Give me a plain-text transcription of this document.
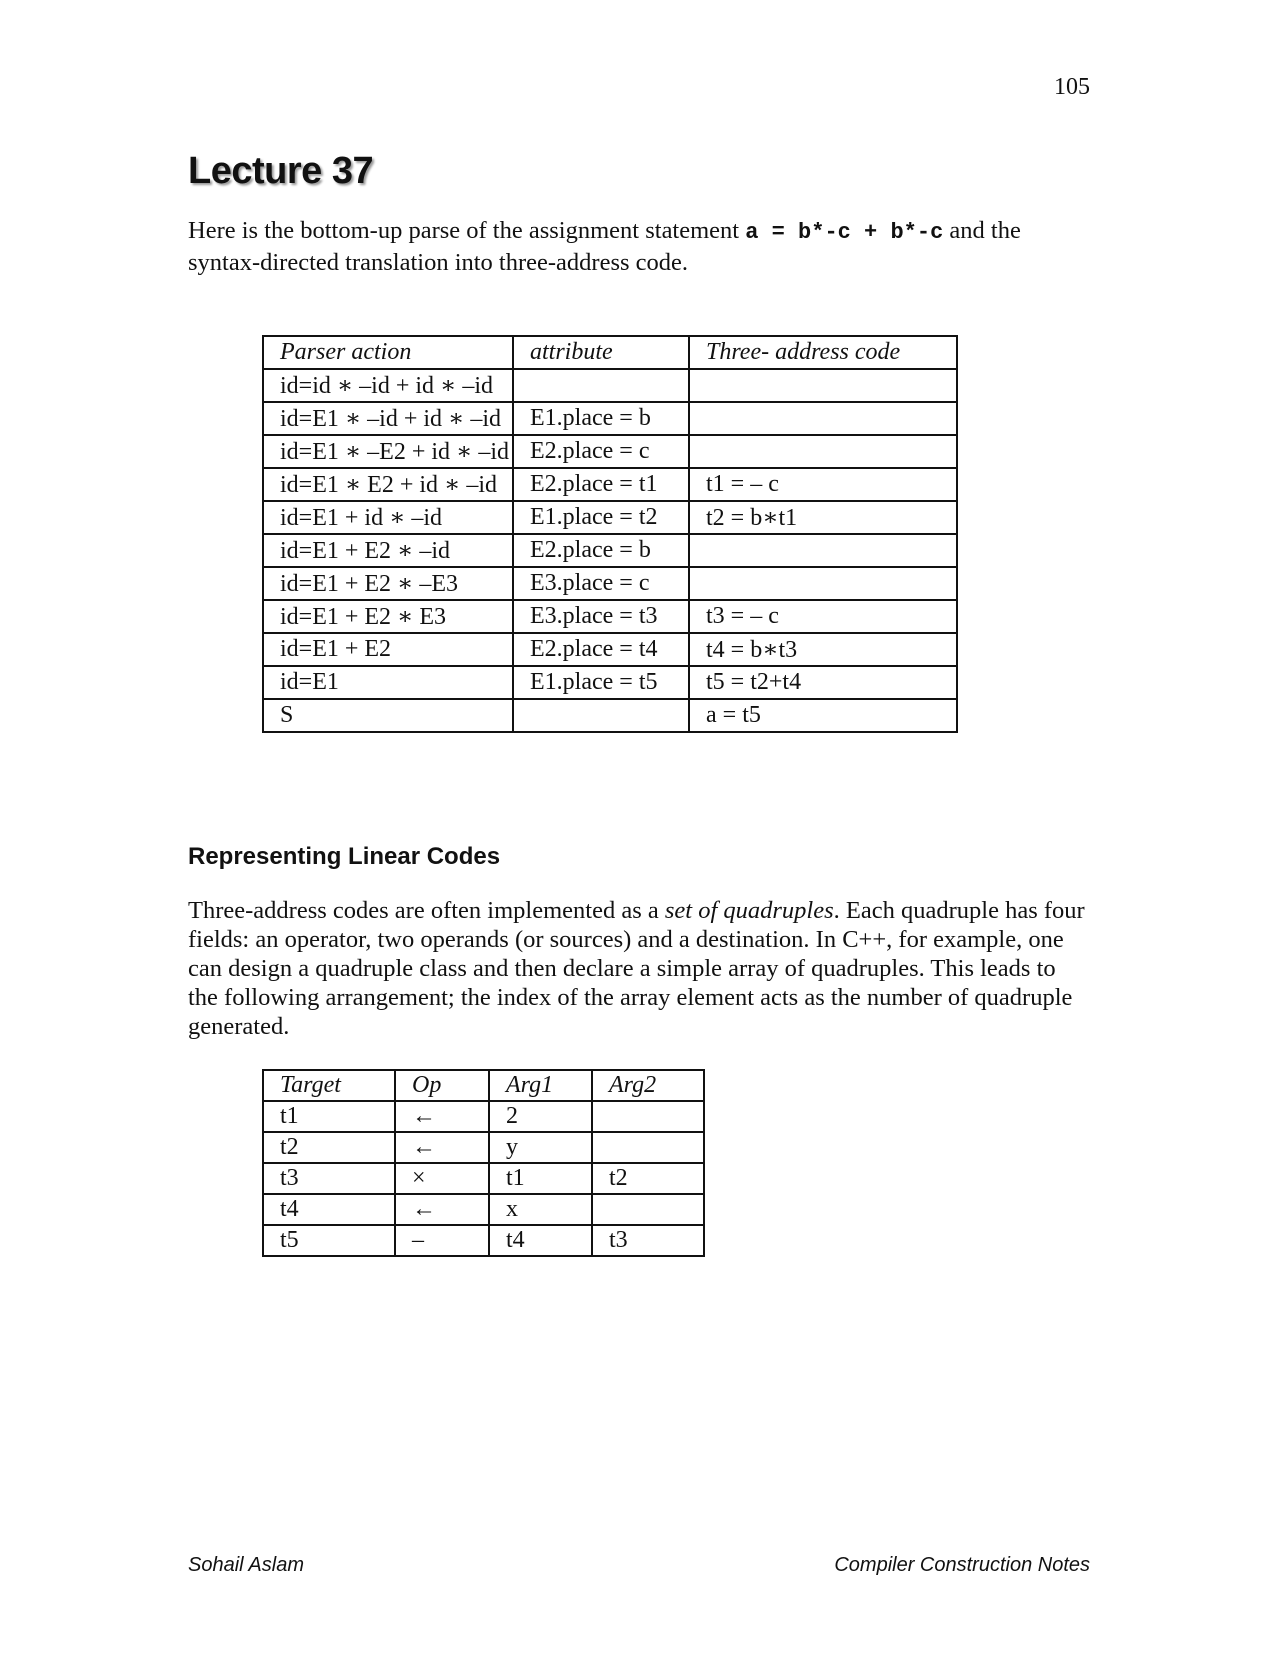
105
Lecture 37

Here is the bottom-up parse of the assignment statement a = b*-c + b*-c and the syntax-directed translation into three-address code.

Parser action	attribute	Three- address code
id=id ∗ –id + id ∗ –id		
id=E1 ∗ –id + id ∗ –id	E1.place = b	
id=E1 ∗ –E2 + id ∗ –id	E2.place = c	
id=E1 ∗ E2 + id ∗ –id	E2.place = t1	t1 = – c
id=E1 + id ∗ –id	E1.place = t2	t2 = b∗t1
id=E1 + E2 ∗ –id	E2.place = b	
id=E1 + E2 ∗ –E3	E3.place = c	
id=E1 + E2 ∗ E3	E3.place = t3	t3 = – c
id=E1 + E2	E2.place = t4	t4 = b∗t3
id=E1	E1.place = t5	t5 = t2+t4
S		a = t5
Representing Linear Codes

Three-address codes are often implemented as a set of quadruples. Each quadruple has four fields: an operator, two operands (or sources) and a destination. In C++, for example, one can design a quadruple class and then declare a simple array of quadruples. This leads to the following arrangement; the index of the array element acts as the number of quadruple generated.

Target	Op	Arg1	Arg2
t1	←	2	
t2	←	y	
t3	×	t1	t2
t4	←	x	
t5	–	t4	t3
Sohail Aslam	Compiler Construction Notes
